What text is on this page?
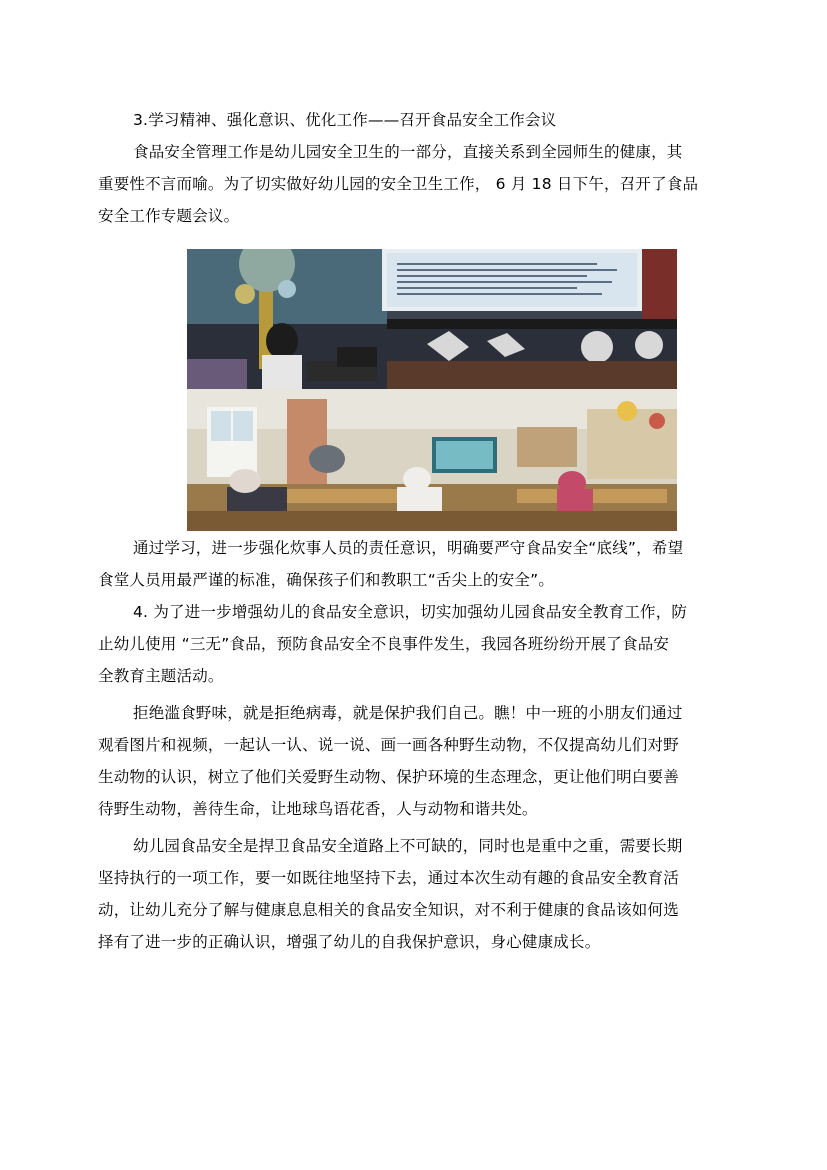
3.学习精神、强化意识、优化工作——召开食品安全工作会议
食品安全管理工作是幼儿园安全卫生的一部分，直接关系到全园师生的健康，其
重要性不言而喻。为了切实做好幼儿园的安全卫生工作， 6 月 18 日下午，召开了食品
安全工作专题会议。
通过学习，进一步强化炊事人员的责任意识，明确要严守食品安全“底线”，希望
食堂人员用最严谨的标准，确保孩子们和教职工“舌尖上的安全”。
4. 为了进一步增强幼儿的食品安全意识，切实加强幼儿园食品安全教育工作，防
止幼儿使用 “三无”食品，预防食品安全不良事件发生，我园各班纷纷开展了食品安
全教育主题活动。
拒绝滥食野味，就是拒绝病毒，就是保护我们自己。瞧！中一班的小朋友们通过
观看图片和视频，一起认一认、说一说、画一画各种野生动物，不仅提高幼儿们对野
生动物的认识，树立了他们关爱野生动物、保护环境的生态理念，更让他们明白要善
待野生动物，善待生命，让地球鸟语花香，人与动物和谐共处。
幼儿园食品安全是捍卫食品安全道路上不可缺的，同时也是重中之重，需要长期
坚持执行的一项工作，要一如既往地坚持下去，通过本次生动有趣的食品安全教育活
动，让幼儿充分了解与健康息息相关的食品安全知识，对不利于健康的食品该如何选
择有了进一步的正确认识，增强了幼儿的自我保护意识，身心健康成长。
